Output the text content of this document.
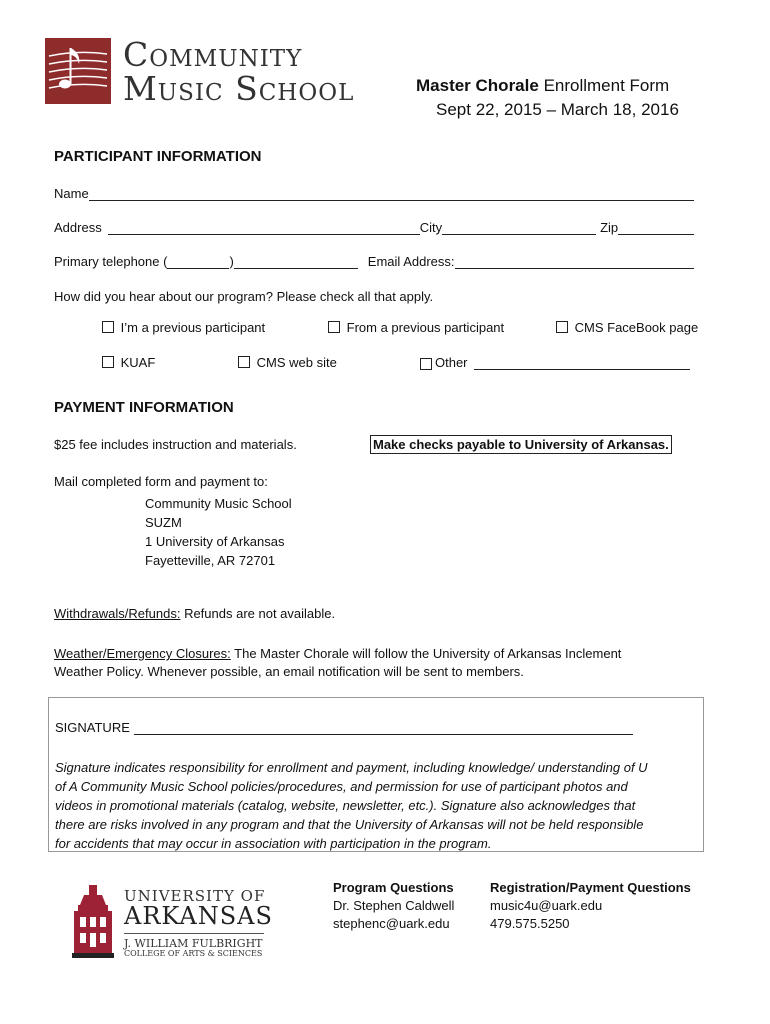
Community
Music School	Master Chorale Enrollment Form
Sept 22, 2015 – March 18, 2016
PARTICIPANT INFORMATION
Name
Address	City	Zip
Primary telephone (	)	Email Address:
How did you hear about our program? Please check all that apply.
I’m a previous participant	From a previous participant	CMS FaceBook page
KUAF	CMS web site	Other
PAYMENT INFORMATION
$25 fee includes instruction and materials.	Make checks payable to University of Arkansas.
Mail completed form and payment to:
Community Music School
SUZM
1 University of Arkansas
Fayetteville, AR 72701
Withdrawals/Refunds: Refunds are not available.
Weather/Emergency Closures: The Master Chorale will follow the University of Arkansas Inclement
Weather Policy. Whenever possible, an email notification will be sent to members.
SIGNATURE
Signature indicates responsibility for enrollment and payment, including knowledge/ understanding of U
of A Community Music School policies/procedures, and permission for use of participant photos and
videos in promotional materials (catalog, website, newsletter, etc.). Signature also acknowledges that
there are risks involved in any program and that the University of Arkansas will not be held responsible
for accidents that may occur in association with participation in the program.
UNIVERSITY OF
ARKANSAS
J. WILLIAM FULBRIGHT
COLLEGE OF ARTS & SCIENCES
Program Questions
Dr. Stephen Caldwell
stephenc@uark.edu
Registration/Payment Questions
music4u@uark.edu
479.575.5250
